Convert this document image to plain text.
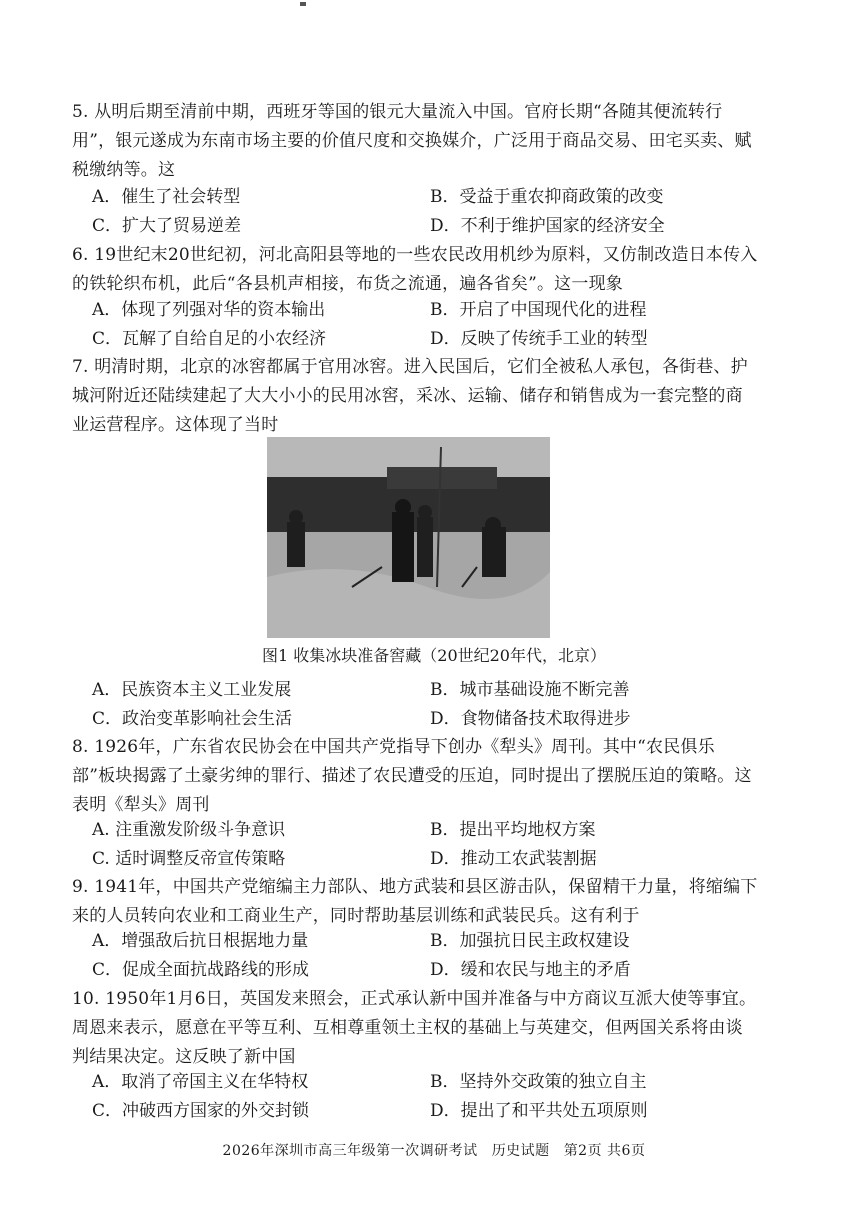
5. 从明后期至清前中期，西班牙等国的银元大量流入中国。官府长期“各随其便流转行用”，银元遂成为东南市场主要的价值尺度和交换媒介，广泛用于商品交易、田宅买卖、赋税缴纳等。这
A．催生了社会转型	B．受益于重农抑商政策的改变
C．扩大了贸易逆差	D．不利于维护国家的经济安全
6. 19世纪末20世纪初，河北高阳县等地的一些农民改用机纱为原料，又仿制改造日本传入的铁轮织布机，此后“各县机声相接，布货之流通，遍各省矣”。这一现象
A．体现了列强对华的资本输出	B．开启了中国现代化的进程
C．瓦解了自给自足的小农经济	D．反映了传统手工业的转型
7. 明清时期，北京的冰窖都属于官用冰窖。进入民国后，它们全被私人承包，各街巷、护城河附近还陆续建起了大大小小的民用冰窖，采冰、运输、储存和销售成为一套完整的商业运营程序。这体现了当时
图1 收集冰块准备窖藏（20世纪20年代，北京）
A．民族资本主义工业发展	B．城市基础设施不断完善
C．政治变革影响社会生活	D．食物储备技术取得进步
8. 1926年，广东省农民协会在中国共产党指导下创办《犁头》周刊。其中“农民俱乐部”板块揭露了土豪劣绅的罪行、描述了农民遭受的压迫，同时提出了摆脱压迫的策略。这表明《犁头》周刊
A. 注重激发阶级斗争意识	B．提出平均地权方案
C. 适时调整反帝宣传策略	D．推动工农武装割据
9. 1941年，中国共产党缩编主力部队、地方武装和县区游击队，保留精干力量，将缩编下来的人员转向农业和工商业生产，同时帮助基层训练和武装民兵。这有利于
A．增强敌后抗日根据地力量	B．加强抗日民主政权建设
C．促成全面抗战路线的形成	D．缓和农民与地主的矛盾
10. 1950年1月6日，英国发来照会，正式承认新中国并准备与中方商议互派大使等事宜。周恩来表示，愿意在平等互利、互相尊重领土主权的基础上与英建交，但两国关系将由谈判结果决定。这反映了新中国
A．取消了帝国主义在华特权	B．坚持外交政策的独立自主
C．冲破西方国家的外交封锁	D．提出了和平共处五项原则
2026年深圳市高三年级第一次调研考试 历史试题 第2页 共6页
